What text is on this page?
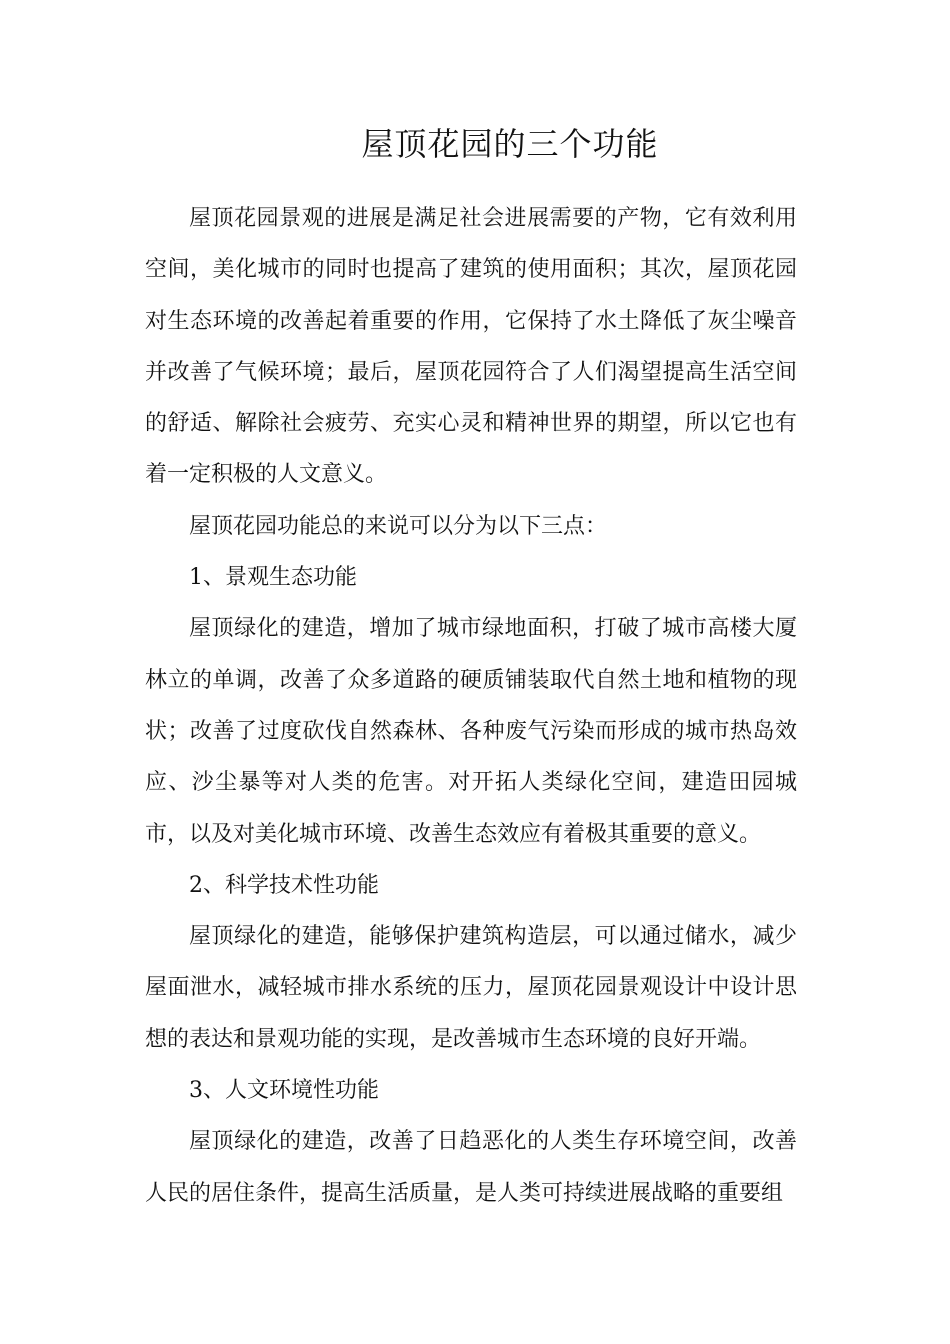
屋顶花园的三个功能

屋顶花园景观的进展是满足社会进展需要的产物，它有效利用空间，美化城市的同时也提高了建筑的使用面积；其次，屋顶花园对生态环境的改善起着重要的作用，它保持了水土降低了灰尘噪音并改善了气候环境；最后，屋顶花园符合了人们渴望提高生活空间的舒适、解除社会疲劳、充实心灵和精神世界的期望，所以它也有着一定积极的人文意义。

屋顶花园功能总的来说可以分为以下三点：

1、景观生态功能

屋顶绿化的建造，增加了城市绿地面积，打破了城市高楼大厦林立的单调，改善了众多道路的硬质铺装取代自然土地和植物的现状；改善了过度砍伐自然森林、各种废气污染而形成的城市热岛效应、沙尘暴等对人类的危害。对开拓人类绿化空间，建造田园城市，以及对美化城市环境、改善生态效应有着极其重要的意义。

2、科学技术性功能

屋顶绿化的建造，能够保护建筑构造层，可以通过储水，减少屋面泄水，减轻城市排水系统的压力，屋顶花园景观设计中设计思想的表达和景观功能的实现，是改善城市生态环境的良好开端。

3、人文环境性功能

屋顶绿化的建造，改善了日趋恶化的人类生存环境空间，改善人民的居住条件，提高生活质量，是人类可持续进展战略的重要组
